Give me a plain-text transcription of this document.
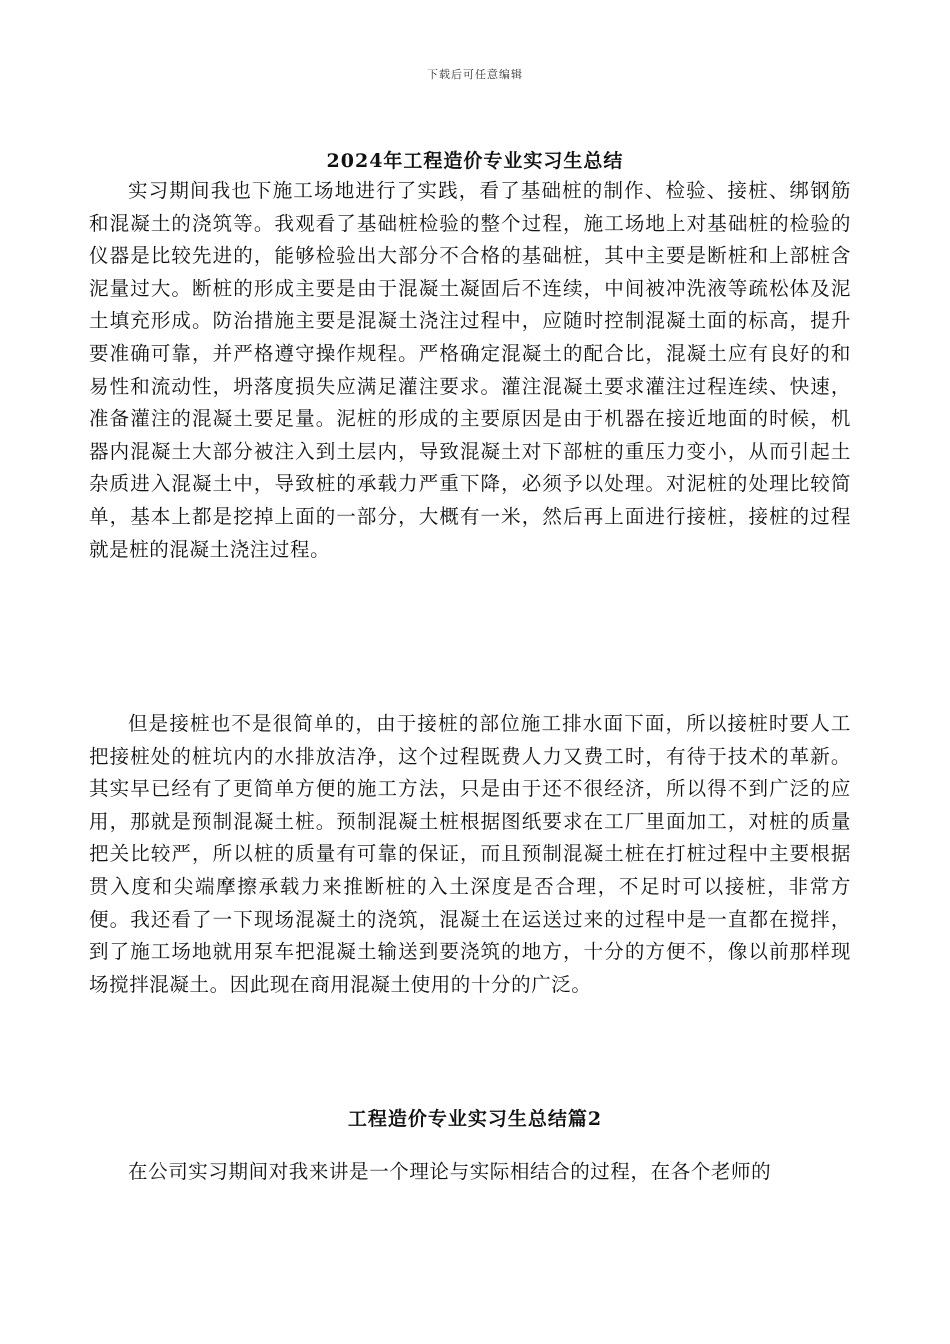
下载后可任意编辑
2024年工程造价专业实习生总结

实习期间我也下施工场地进行了实践，看了基础桩的制作、检验、接桩、绑钢筋和混凝土的浇筑等。我观看了基础桩检验的整个过程，施工场地上对基础桩的检验的仪器是比较先进的，能够检验出大部分不合格的基础桩，其中主要是断桩和上部桩含泥量过大。断桩的形成主要是由于混凝土凝固后不连续，中间被冲洗液等疏松体及泥土填充形成。防治措施主要是混凝土浇注过程中，应随时控制混凝土面的标高，提升要准确可靠，并严格遵守操作规程。严格确定混凝土的配合比，混凝土应有良好的和易性和流动性，坍落度损失应满足灌注要求。灌注混凝土要求灌注过程连续、快速，准备灌注的混凝土要足量。泥桩的形成的主要原因是由于机器在接近地面的时候，机器内混凝土大部分被注入到土层内，导致混凝土对下部桩的重压力变小，从而引起土杂质进入混凝土中，导致桩的承载力严重下降，必须予以处理。对泥桩的处理比较简单，基本上都是挖掉上面的一部分，大概有一米，然后再上面进行接桩，接桩的过程就是桩的混凝土浇注过程。

但是接桩也不是很简单的，由于接桩的部位施工排水面下面，所以接桩时要人工把接桩处的桩坑内的水排放洁净，这个过程既费人力又费工时，有待于技术的革新。其实早已经有了更简单方便的施工方法，只是由于还不很经济，所以得不到广泛的应用，那就是预制混凝土桩。预制混凝土桩根据图纸要求在工厂里面加工，对桩的质量把关比较严，所以桩的质量有可靠的保证，而且预制混凝土桩在打桩过程中主要根据贯入度和尖端摩擦承载力来推断桩的入土深度是否合理，不足时可以接桩，非常方便。我还看了一下现场混凝土的浇筑，混凝土在运送过来的过程中是一直都在搅拌，到了施工场地就用泵车把混凝土输送到要浇筑的地方，十分的方便不，像以前那样现场搅拌混凝土。因此现在商用混凝土使用的十分的广泛。

工程造价专业实习生总结篇2

在公司实习期间对我来讲是一个理论与实际相结合的过程，在各个老师的
